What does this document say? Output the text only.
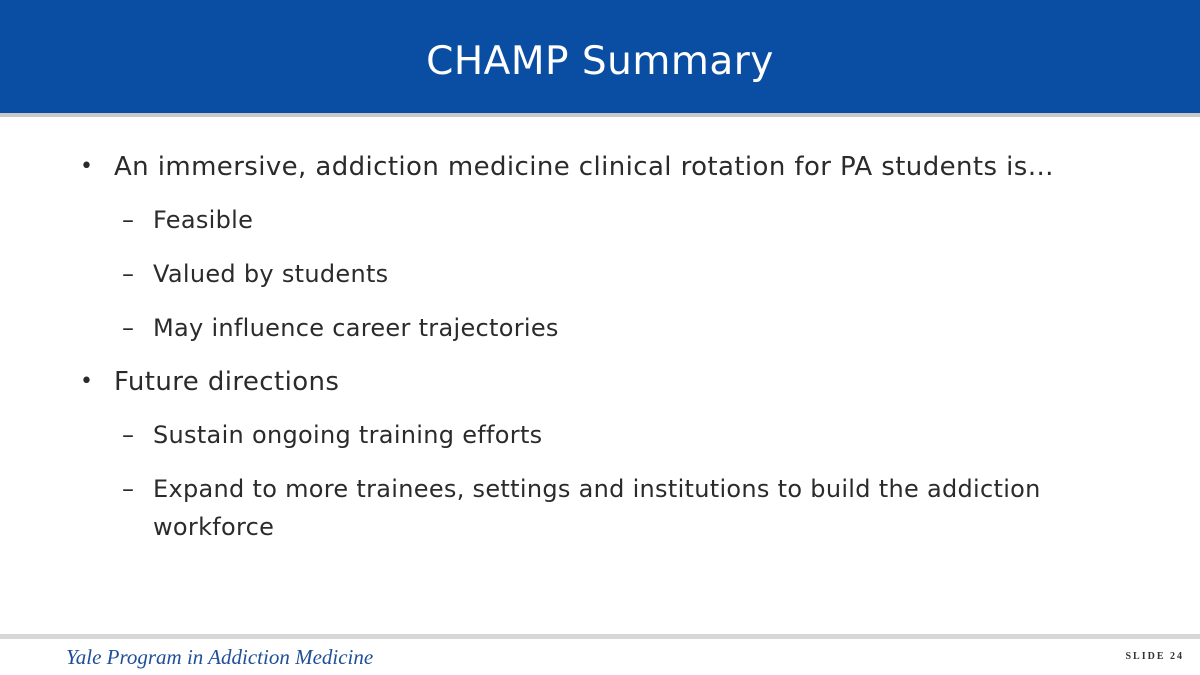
CHAMP Summary
• An immersive, addiction medicine clinical rotation for PA students is…
– Feasible
– Valued by students
– May influence career trajectories
• Future directions
– Sustain ongoing training efforts
– Expand to more trainees, settings and institutions to build the addiction workforce
Yale Program in Addiction Medicine	SLIDE 24
